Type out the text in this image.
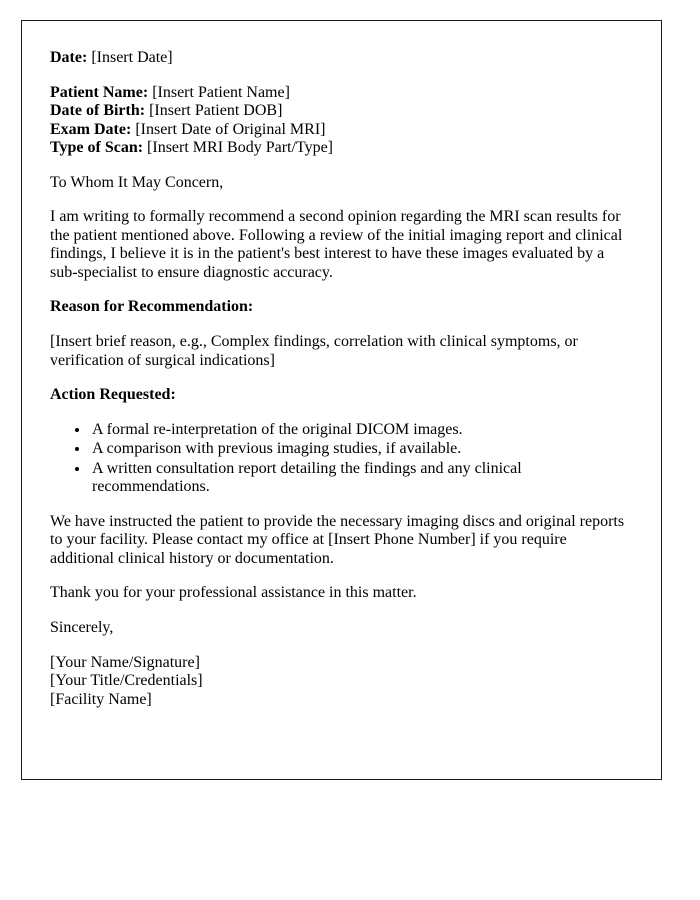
Date: [Insert Date]

Patient Name: [Insert Patient Name]
Date of Birth: [Insert Patient DOB]
Exam Date: [Insert Date of Original MRI]
Type of Scan: [Insert MRI Body Part/Type]

To Whom It May Concern,

I am writing to formally recommend a second opinion regarding the MRI scan results for the patient mentioned above. Following a review of the initial imaging report and clinical findings, I believe it is in the patient's best interest to have these images evaluated by a sub-specialist to ensure diagnostic accuracy.

Reason for Recommendation:

[Insert brief reason, e.g., Complex findings, correlation with clinical symptoms, or verification of surgical indications]

Action Requested:

• A formal re-interpretation of the original DICOM images.
• A comparison with previous imaging studies, if available.
• A written consultation report detailing the findings and any clinical recommendations.

We have instructed the patient to provide the necessary imaging discs and original reports to your facility. Please contact my office at [Insert Phone Number] if you require additional clinical history or documentation.

Thank you for your professional assistance in this matter.

Sincerely,

[Your Name/Signature]
[Your Title/Credentials]
[Facility Name]
